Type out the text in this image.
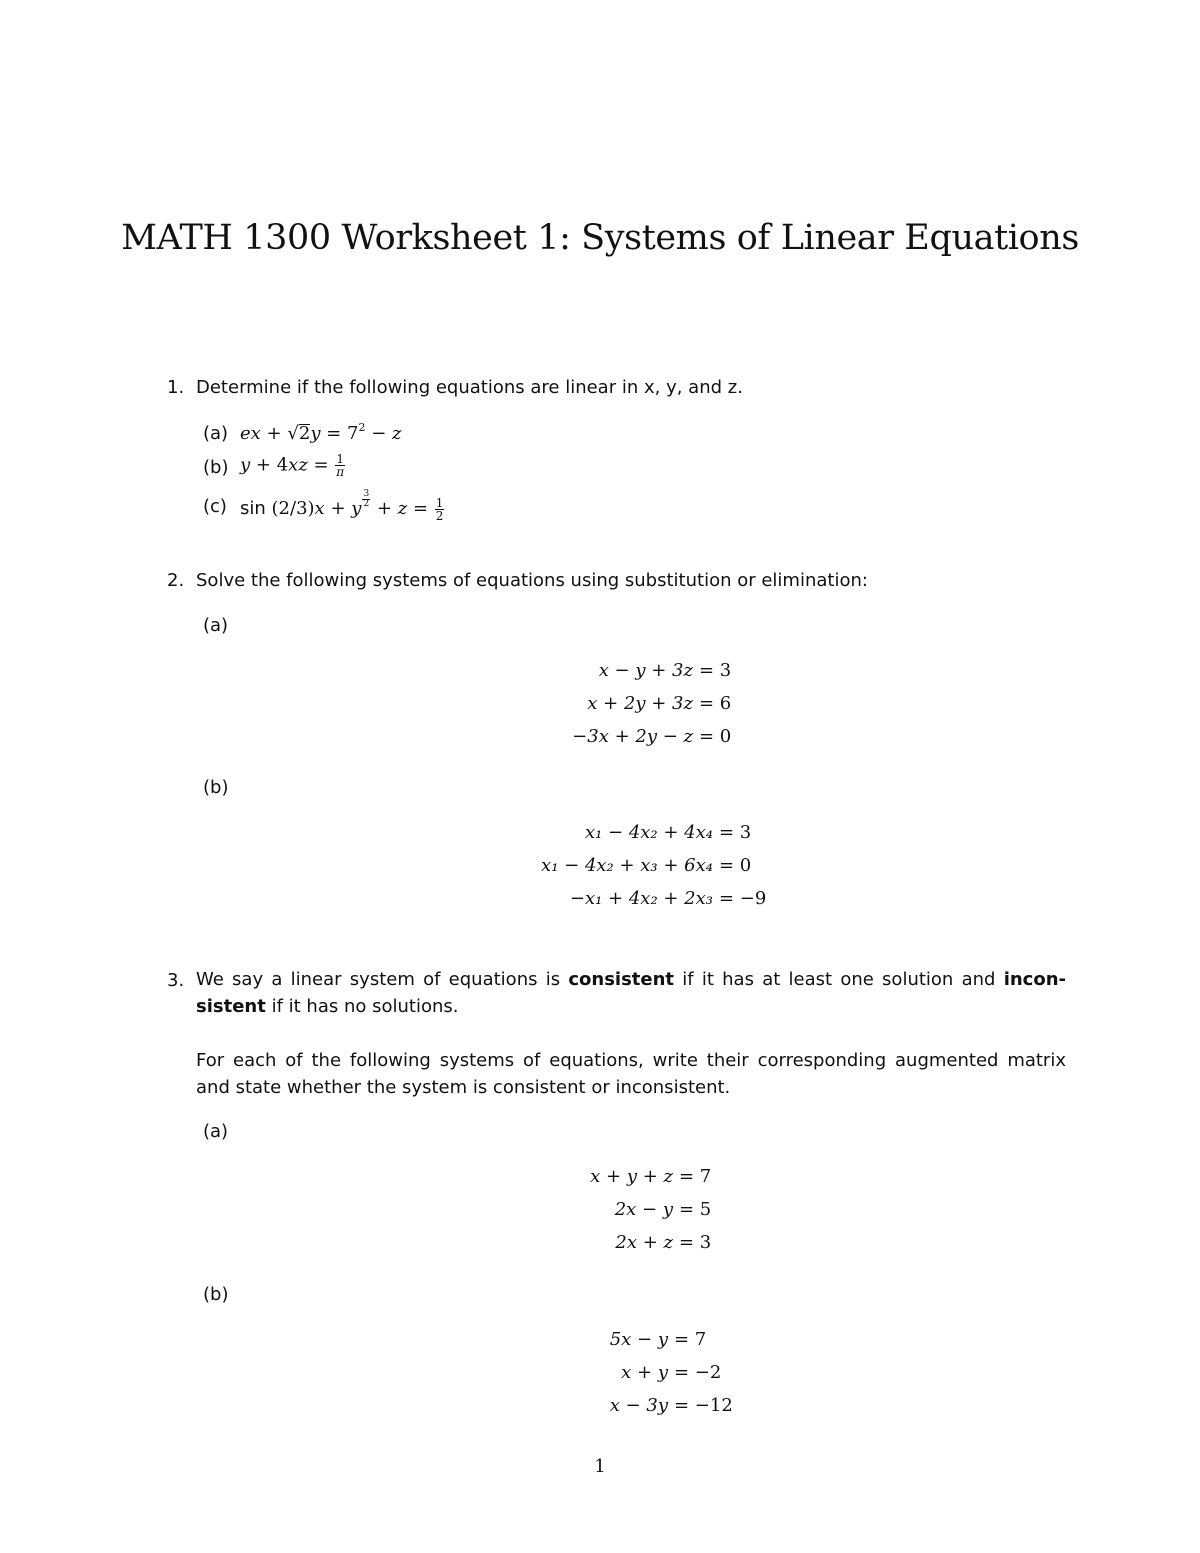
MATH 1300 Worksheet 1: Systems of Linear Equations
1. Determine if the following equations are linear in x, y, and z.
(a) ex + $√2y = 7^2 - z$
(b) $y + 4xz = \frac{1}{\pi}$
(c) sin (2/3)x + y $\frac{3}{2} + z = \frac{1}{2}$
2. Solve the following systems of equations using substitution or elimination:
(a)
x − y + 3z = 3
x + 2y + 3z = 6
−3x + 2y − z = 0
(b)
x₁ − 4x₂ + 4x₄ = 3
x₁ − 4x₂ + x₃ + 6x₄ = 0
−x₁ + 4x₂ + 2x₃ = −9
3. We say a linear system of equations is consistent if it has at least one solution and incon-sistent if it has no solutions.
For each of the following systems of equations, write their corresponding augmented matrix and state whether the system is consistent or inconsistent.
(a)
x + y + z = 7
2x − y = 5
2x + z = 3
(b)
5x − y = 7
x + y = −2
x − 3y = −12
1
